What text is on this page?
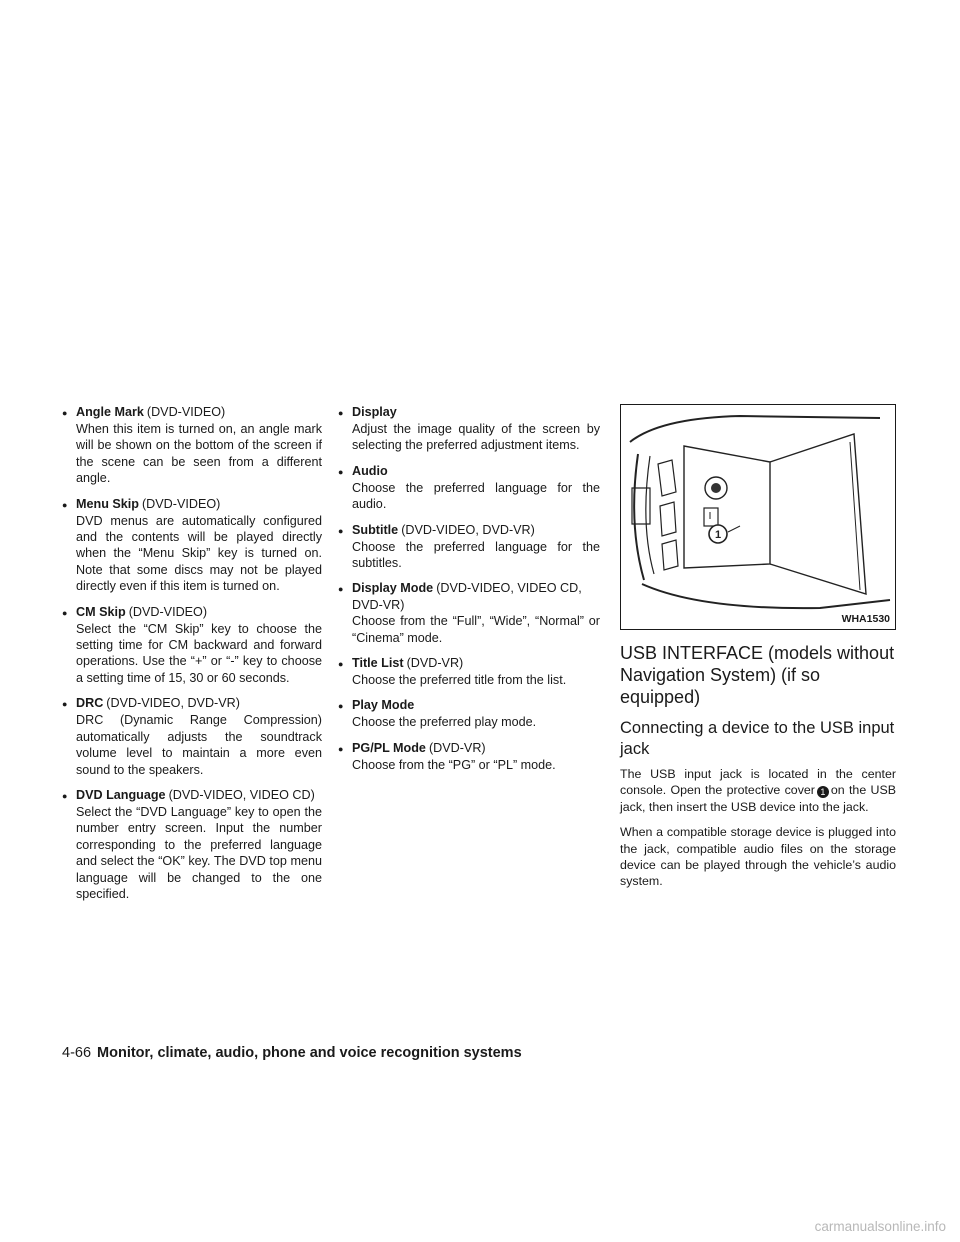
● Angle Mark (DVD-VIDEO)
When this item is turned on, an angle mark will be shown on the bottom of the screen if the scene can be seen from a different angle.
● Menu Skip (DVD-VIDEO)
DVD menus are automatically configured and the contents will be played directly when the “Menu Skip” key is turned on. Note that some discs may not be played directly even if this item is turned on.
● CM Skip (DVD-VIDEO)
Select the “CM Skip” key to choose the setting time for CM backward and forward operations. Use the “+” or “-” key to choose a setting time of 15, 30 or 60 seconds.
● DRC (DVD-VIDEO, DVD-VR)
DRC (Dynamic Range Compression) automatically adjusts the soundtrack volume level to maintain a more even sound to the speakers.
● DVD Language (DVD-VIDEO, VIDEO CD)
Select the “DVD Language” key to open the number entry screen. Input the number corresponding to the preferred language and select the “OK” key. The DVD top menu language will be changed to the one specified.
● Display
Adjust the image quality of the screen by selecting the preferred adjustment items.
● Audio
Choose the preferred language for the audio.
● Subtitle (DVD-VIDEO, DVD-VR)
Choose the preferred language for the subtitles.
● Display Mode (DVD-VIDEO, VIDEO CD, DVD-VR)
Choose from the “Full”, “Wide”, “Normal” or “Cinema” mode.
● Title List (DVD-VR)
Choose the preferred title from the list.
● Play Mode
Choose the preferred play mode.
● PG/PL Mode (DVD-VR)
Choose from the “PG” or “PL” mode.
1
WHA1530
USB INTERFACE (models without Navigation System) (if so equipped)
Connecting a device to the USB input jack
The USB input jack is located in the center console. Open the protective cover 1 on the USB jack, then insert the USB device into the jack.
When a compatible storage device is plugged into the jack, compatible audio files on the storage device can be played through the vehicle’s audio system.
4-66 Monitor, climate, audio, phone and voice recognition systems
carmanualsonline.info
